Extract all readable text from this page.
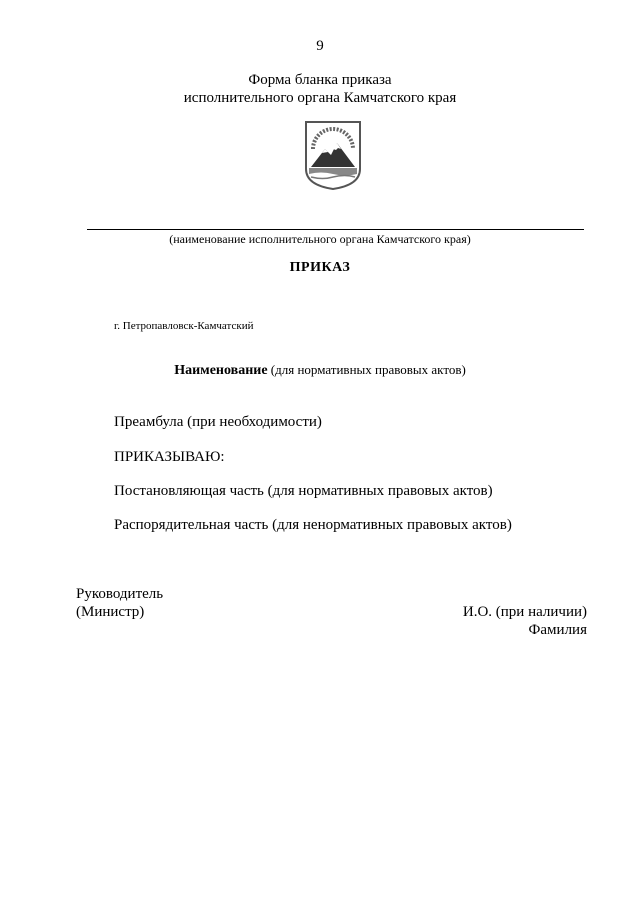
9
Форма бланка приказа
исполнительного органа Камчатского края
(наименование исполнительного органа Камчатского края)
ПРИКАЗ
г. Петропавловск-Камчатский
Наименование (для нормативных правовых актов)
Преамбула (при необходимости)
ПРИКАЗЫВАЮ:
Постановляющая часть (для нормативных правовых актов)
Распорядительная часть (для ненормативных правовых актов)
Руководитель
(Министр)	И.О. (при наличии)
Фамилия
